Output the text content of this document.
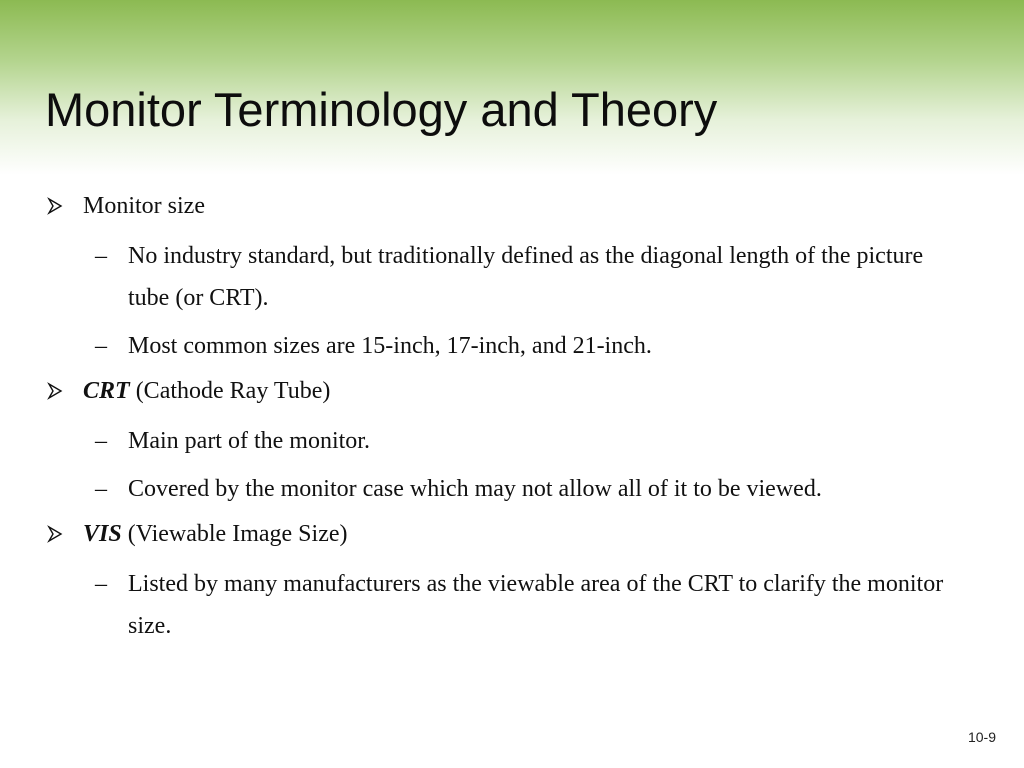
Monitor Terminology and Theory
Monitor size
– No industry standard, but traditionally defined as the diagonal length of the picture tube (or CRT).
– Most common sizes are 15-inch, 17-inch, and 21-inch.
CRT (Cathode Ray Tube)
– Main part of the monitor.
– Covered by the monitor case which may not allow all of it to be viewed.
VIS (Viewable Image Size)
– Listed by many manufacturers as the viewable area of the CRT to clarify the monitor size.
10-9
